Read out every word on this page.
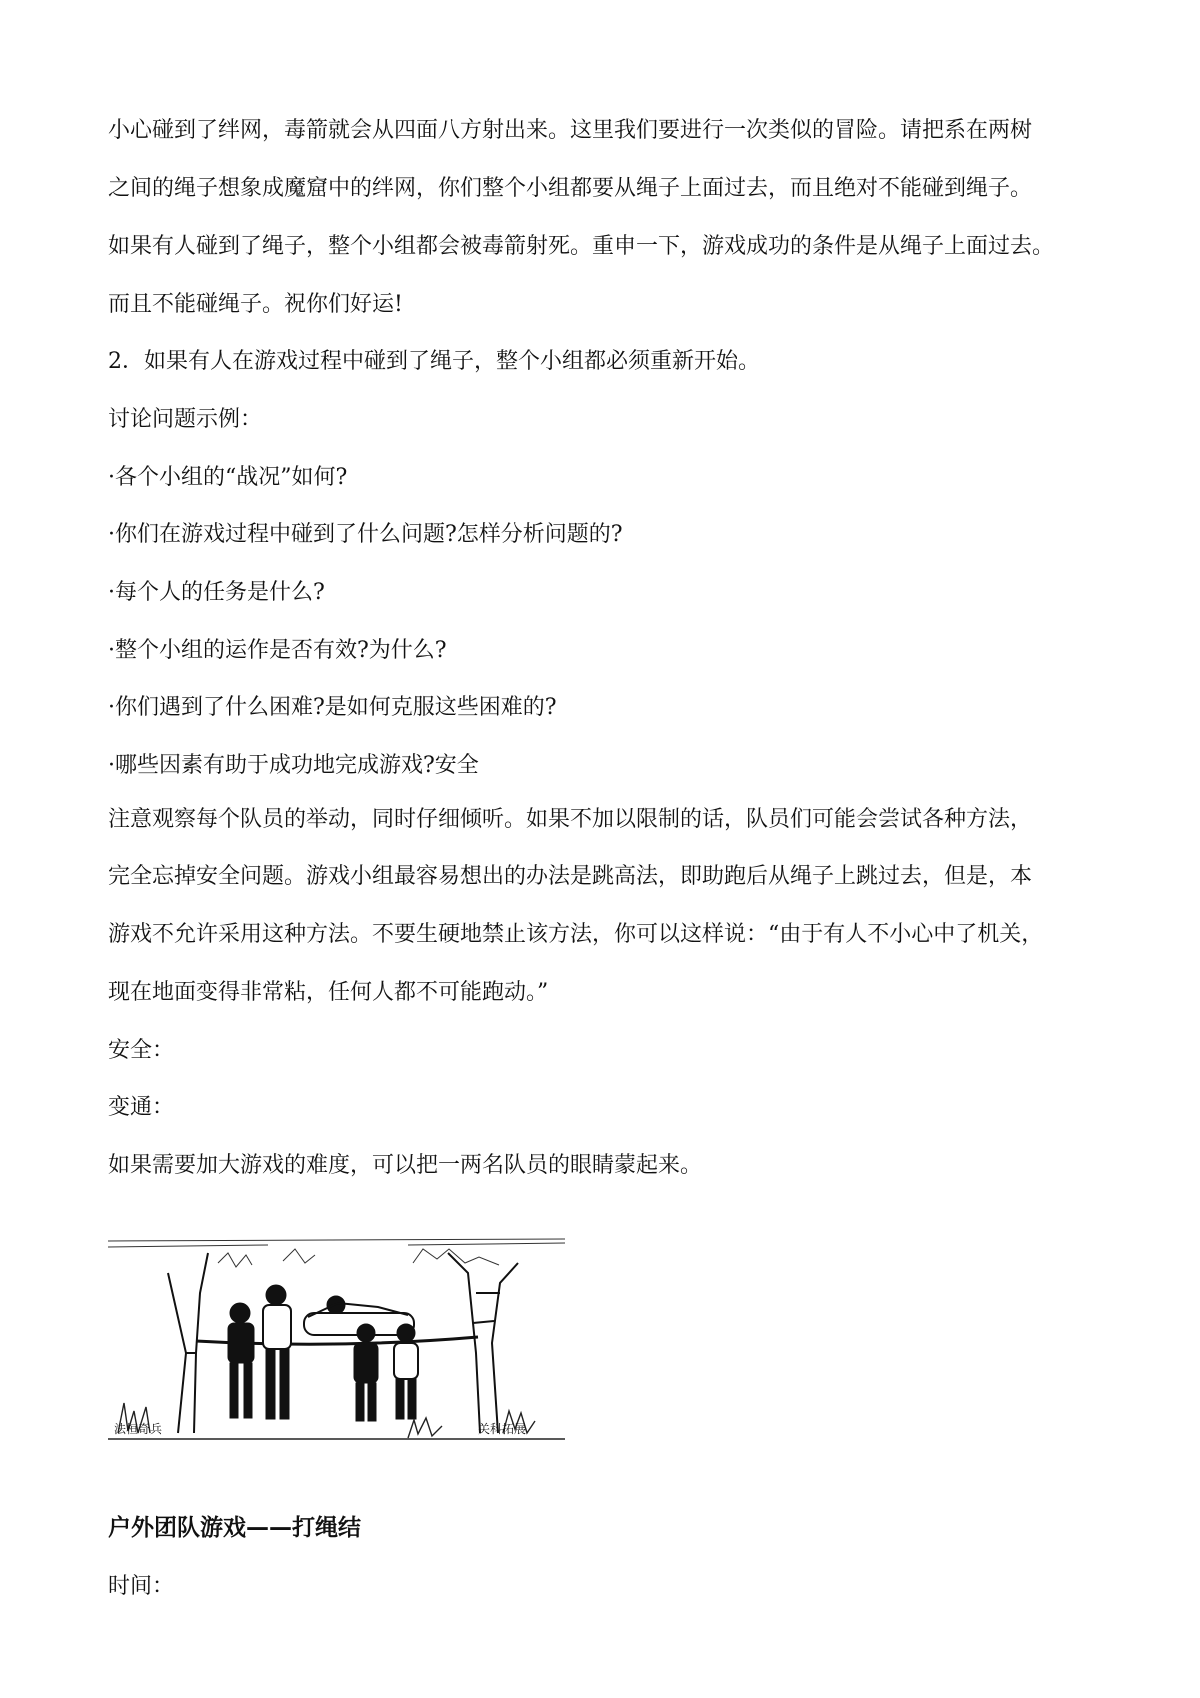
小心碰到了绊网，毒箭就会从四面八方射出来。这里我们要进行一次类似的冒险。请把系在两树
之间的绳子想象成魔窟中的绊网，你们整个小组都要从绳子上面过去，而且绝对不能碰到绳子。
如果有人碰到了绳子，整个小组都会被毒箭射死。重申一下，游戏成功的条件是从绳子上面过去。
而且不能碰绳子。祝你们好运!
2．如果有人在游戏过程中碰到了绳子，整个小组都必须重新开始。
讨论问题示例：
·各个小组的“战况”如何?
·你们在游戏过程中碰到了什么问题?怎样分析问题的?
·每个人的任务是什么?
·整个小组的运作是否有效?为什么?
·你们遇到了什么困难?是如何克服这些困难的?
·哪些因素有助于成功地完成游戏?安全
注意观察每个队员的举动，同时仔细倾听。如果不加以限制的话，队员们可能会尝试各种方法，
完全忘掉安全问题。游戏小组最容易想出的办法是跳高法，即助跑后从绳子上跳过去，但是，本
游戏不允许采用这种方法。不要生硬地禁止该方法，你可以这样说：“由于有人不小心中了机关，
现在地面变得非常粘，任何人都不可能跑动。”
安全：
变通：
如果需要加大游戏的难度，可以把一两名队员的眼睛蒙起来。
法桓奇兵	关科拓展
户外团队游戏——打绳结
时间：
